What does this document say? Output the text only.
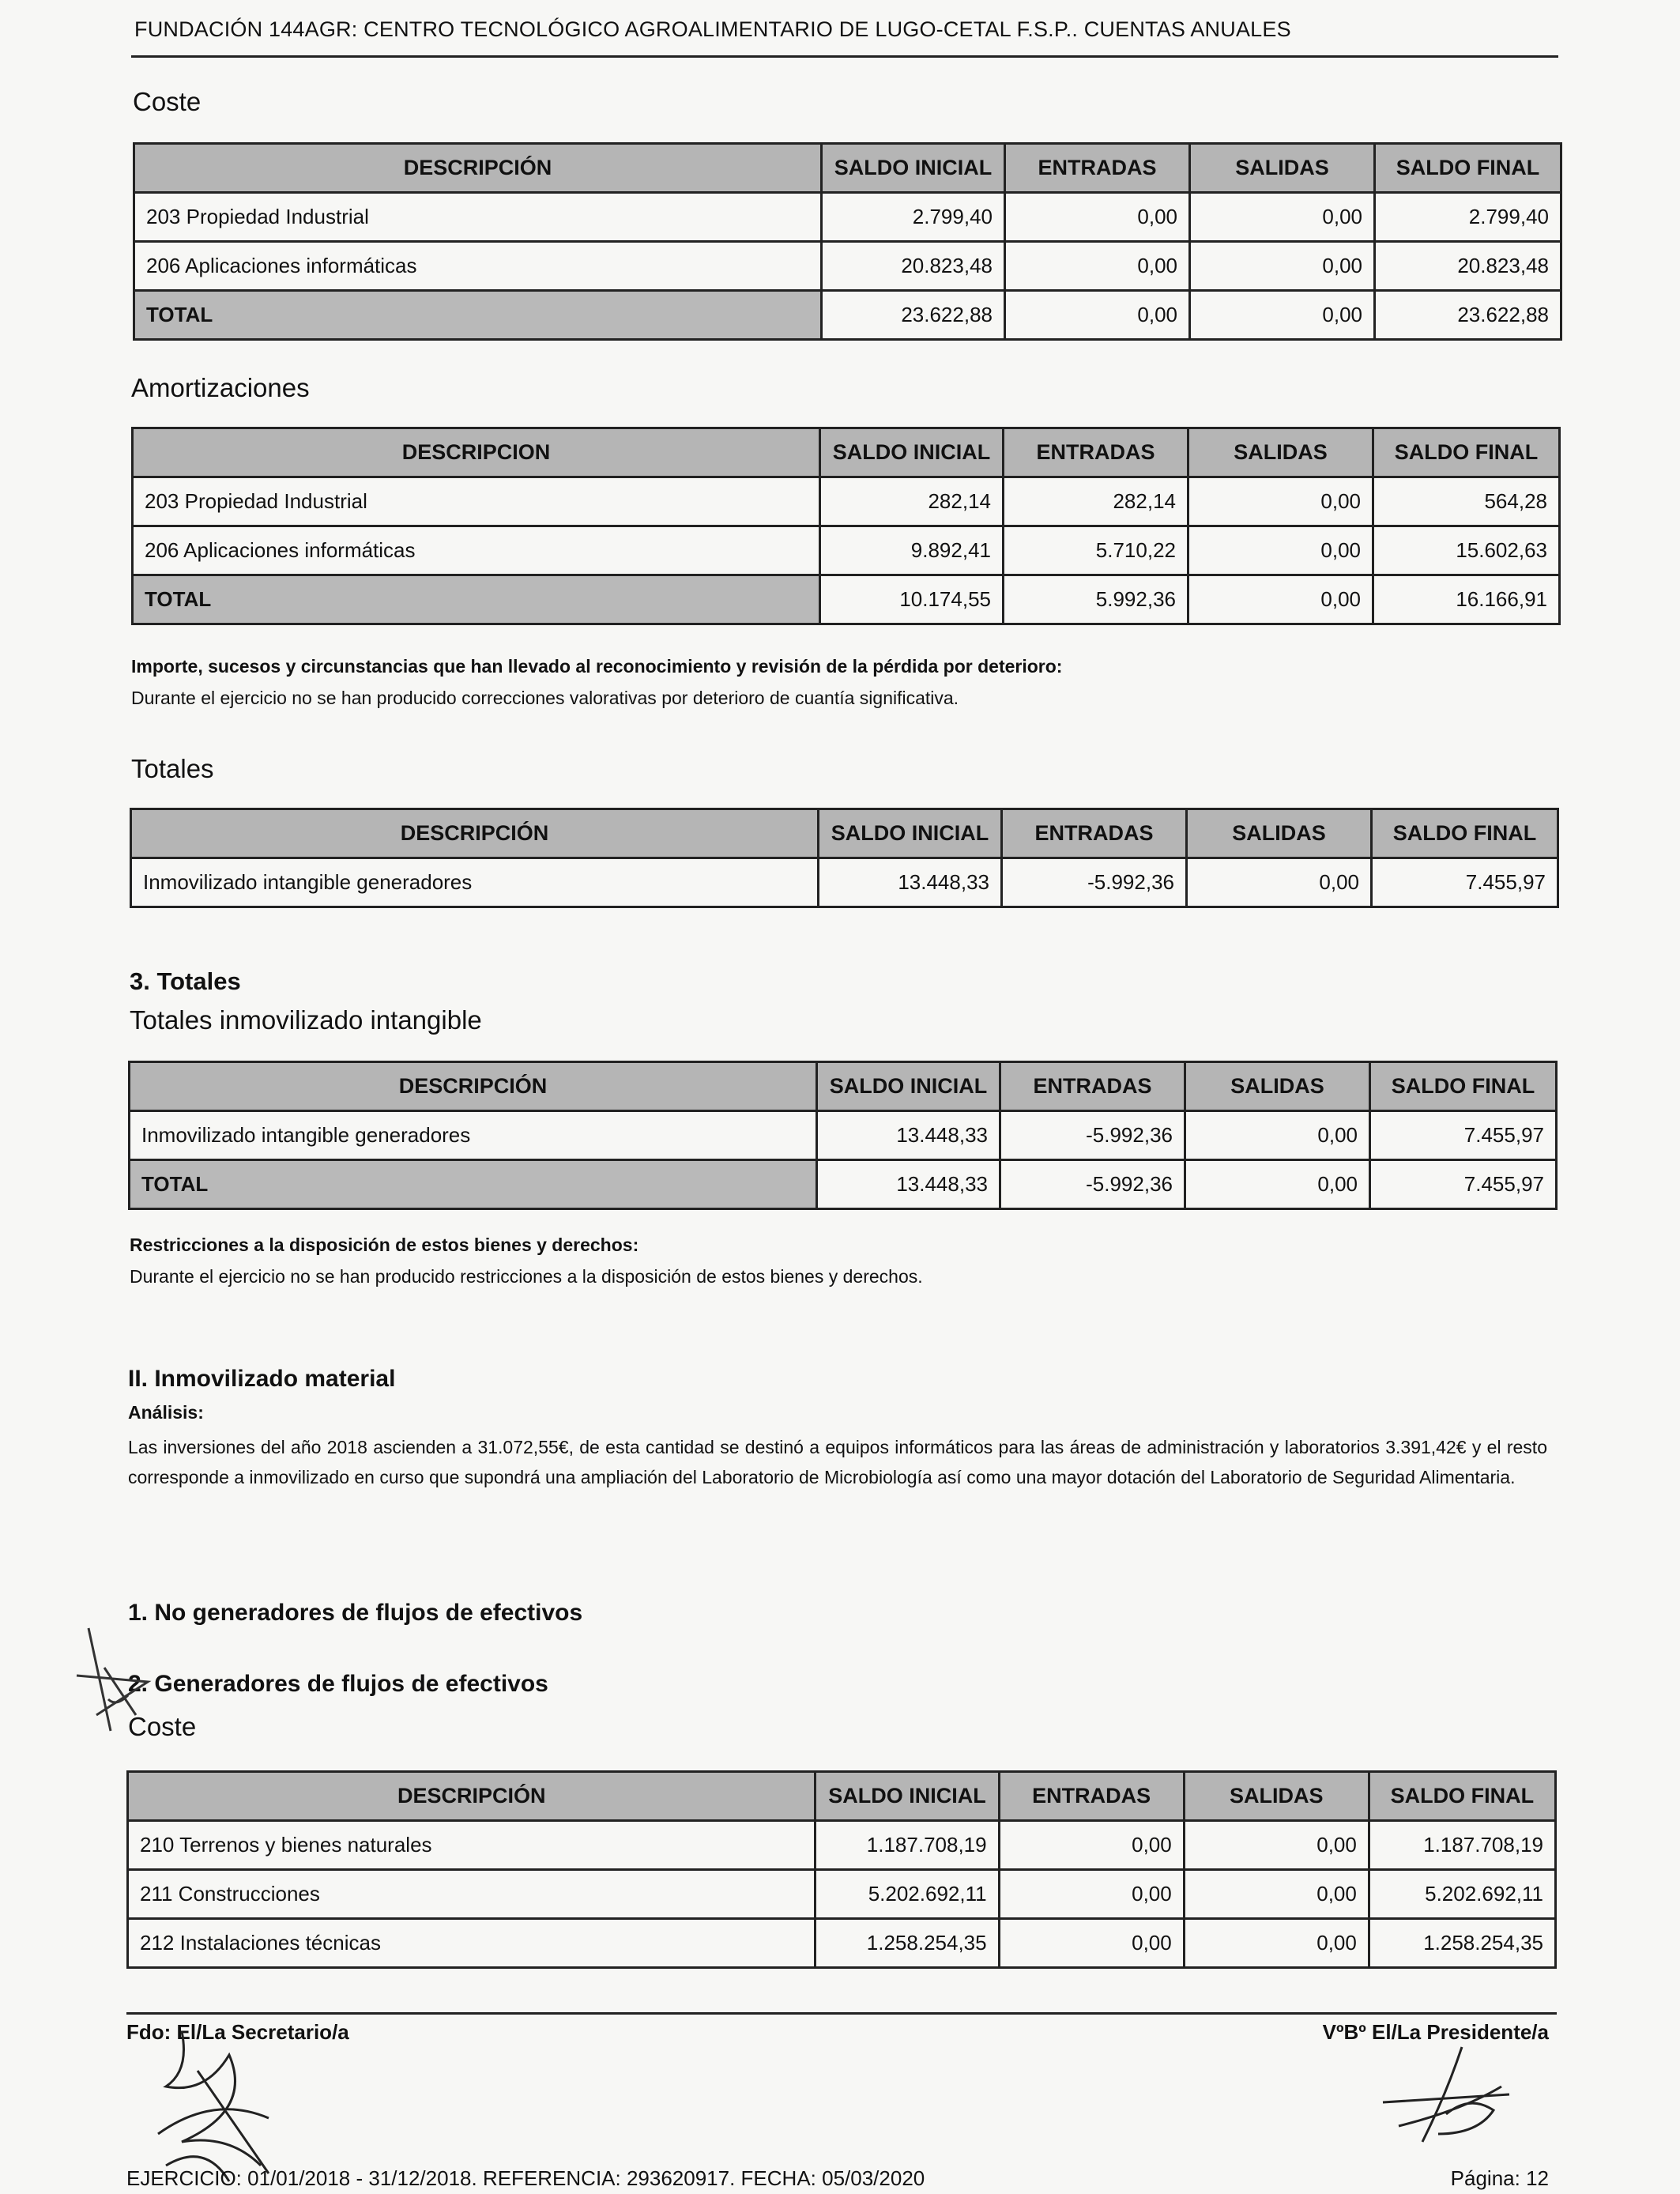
FUNDACIÓN 144AGR: CENTRO TECNOLÓGICO AGROALIMENTARIO DE LUGO-CETAL F.S.P.. CUENTAS ANUALES
Coste
DESCRIPCIÓN	SALDO INICIAL	ENTRADAS	SALIDAS	SALDO FINAL
203 Propiedad Industrial	2.799,40	0,00	0,00	2.799,40
206 Aplicaciones informáticas	20.823,48	0,00	0,00	20.823,48
TOTAL	23.622,88	0,00	0,00	23.622,88
Amortizaciones
DESCRIPCION	SALDO INICIAL	ENTRADAS	SALIDAS	SALDO FINAL
203 Propiedad Industrial	282,14	282,14	0,00	564,28
206 Aplicaciones informáticas	9.892,41	5.710,22	0,00	15.602,63
TOTAL	10.174,55	5.992,36	0,00	16.166,91
Importe, sucesos y circunstancias que han llevado al reconocimiento y revisión de la pérdida por deterioro:
Durante el ejercicio no se han producido correcciones valorativas por deterioro de cuantía significativa.
Totales
DESCRIPCIÓN	SALDO INICIAL	ENTRADAS	SALIDAS	SALDO FINAL
Inmovilizado intangible generadores	13.448,33	-5.992,36	0,00	7.455,97
3. Totales
Totales inmovilizado intangible
DESCRIPCIÓN	SALDO INICIAL	ENTRADAS	SALIDAS	SALDO FINAL
Inmovilizado intangible generadores	13.448,33	-5.992,36	0,00	7.455,97
TOTAL	13.448,33	-5.992,36	0,00	7.455,97
Restricciones a la disposición de estos bienes y derechos:
Durante el ejercicio no se han producido restricciones a la disposición de estos bienes y derechos.
II. Inmovilizado material
Análisis:
Las inversiones del año 2018 ascienden a 31.072,55€, de esta cantidad se destinó a equipos informáticos para las áreas de administración y laboratorios 3.391,42€ y el resto corresponde a inmovilizado en curso que supondrá una ampliación del Laboratorio de Microbiología así como una mayor dotación del Laboratorio de Seguridad Alimentaria.
1. No generadores de flujos de efectivos
2. Generadores de flujos de efectivos
Coste
DESCRIPCIÓN	SALDO INICIAL	ENTRADAS	SALIDAS	SALDO FINAL
210 Terrenos y bienes naturales	1.187.708,19	0,00	0,00	1.187.708,19
211 Construcciones	5.202.692,11	0,00	0,00	5.202.692,11
212 Instalaciones técnicas	1.258.254,35	0,00	0,00	1.258.254,35
Fdo: El/La Secretario/a	VºBº El/La Presidente/a
EJERCICIO: 01/01/2018 - 31/12/2018. REFERENCIA: 293620917. FECHA: 05/03/2020	Página: 12
